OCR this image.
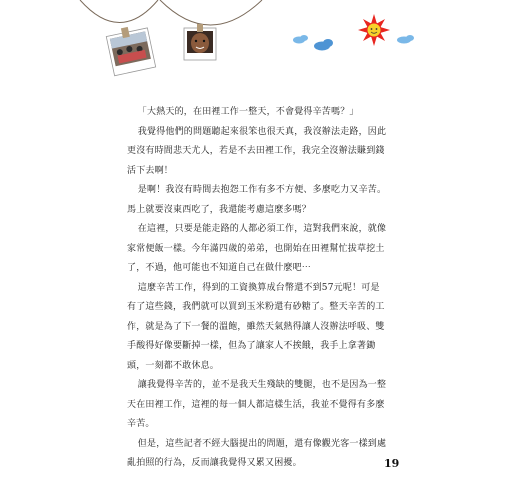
「大熱天的，在田裡工作一整天，不會覺得辛苦嗎？」

我覺得他們的問題聽起來很笨也很天真，我沒辦法走路，因此更沒有時間悲天尤人，若是不去田裡工作，我完全沒辦法賺到錢活下去啊！

是啊！我沒有時間去抱怨工作有多不方便、多麼吃力又辛苦。馬上就要沒東西吃了，我還能考慮這麼多嗎？

在這裡，只要是能走路的人都必須工作，這對我們來說，就像家常便飯一樣。今年滿四歲的弟弟，也開始在田裡幫忙拔草挖土了，不過，他可能也不知道自己在做什麼吧⋯

這麼辛苦工作，得到的工資換算成台幣還不到57元呢！可是有了這些錢，我們就可以買到玉米粉還有砂糖了。整天辛苦的工作，就是為了下一餐的溫飽，雖然天氣熱得讓人沒辦法呼吸、雙手酸得好像要斷掉一樣，但為了讓家人不挨餓，我手上拿著鋤頭，一刻都不敢休息。

讓我覺得辛苦的，並不是我天生殘缺的雙腿，也不是因為一整天在田裡工作，這裡的每一個人都這樣生活，我並不覺得有多麼辛苦。

但是，這些記者不經大腦提出的問題，還有像觀光客一樣到處亂拍照的行為，反而讓我覺得又累又困擾。	19
